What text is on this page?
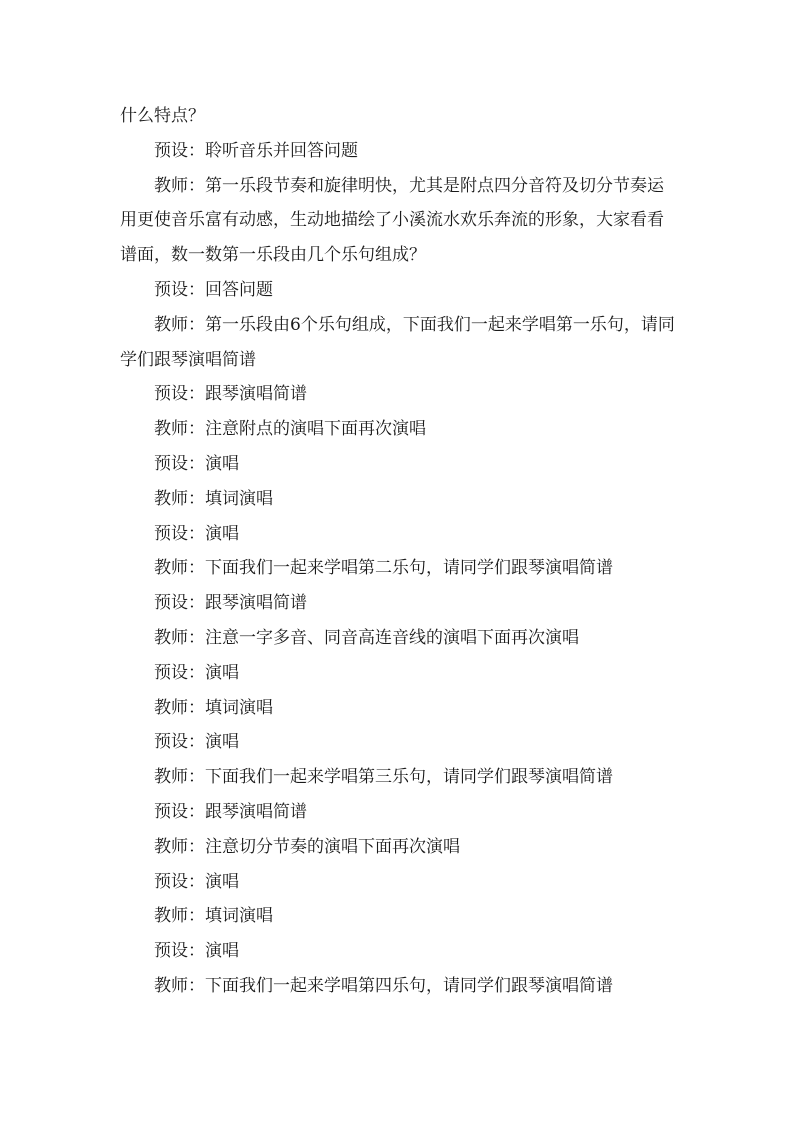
什么特点？

预设：聆听音乐并回答问题

教师：第一乐段节奏和旋律明快，尤其是附点四分音符及切分节奏运用更使音乐富有动感，生动地描绘了小溪流水欢乐奔流的形象，大家看看谱面，数一数第一乐段由几个乐句组成？

预设：回答问题

教师：第一乐段由6个乐句组成，下面我们一起来学唱第一乐句，请同学们跟琴演唱简谱

预设：跟琴演唱简谱

教师：注意附点的演唱下面再次演唱

预设：演唱

教师：填词演唱

预设：演唱

教师：下面我们一起来学唱第二乐句，请同学们跟琴演唱简谱

预设：跟琴演唱简谱

教师：注意一字多音、同音高连音线的演唱下面再次演唱

预设：演唱

教师：填词演唱

预设：演唱

教师：下面我们一起来学唱第三乐句，请同学们跟琴演唱简谱

预设：跟琴演唱简谱

教师：注意切分节奏的演唱下面再次演唱

预设：演唱

教师：填词演唱

预设：演唱

教师：下面我们一起来学唱第四乐句，请同学们跟琴演唱简谱
